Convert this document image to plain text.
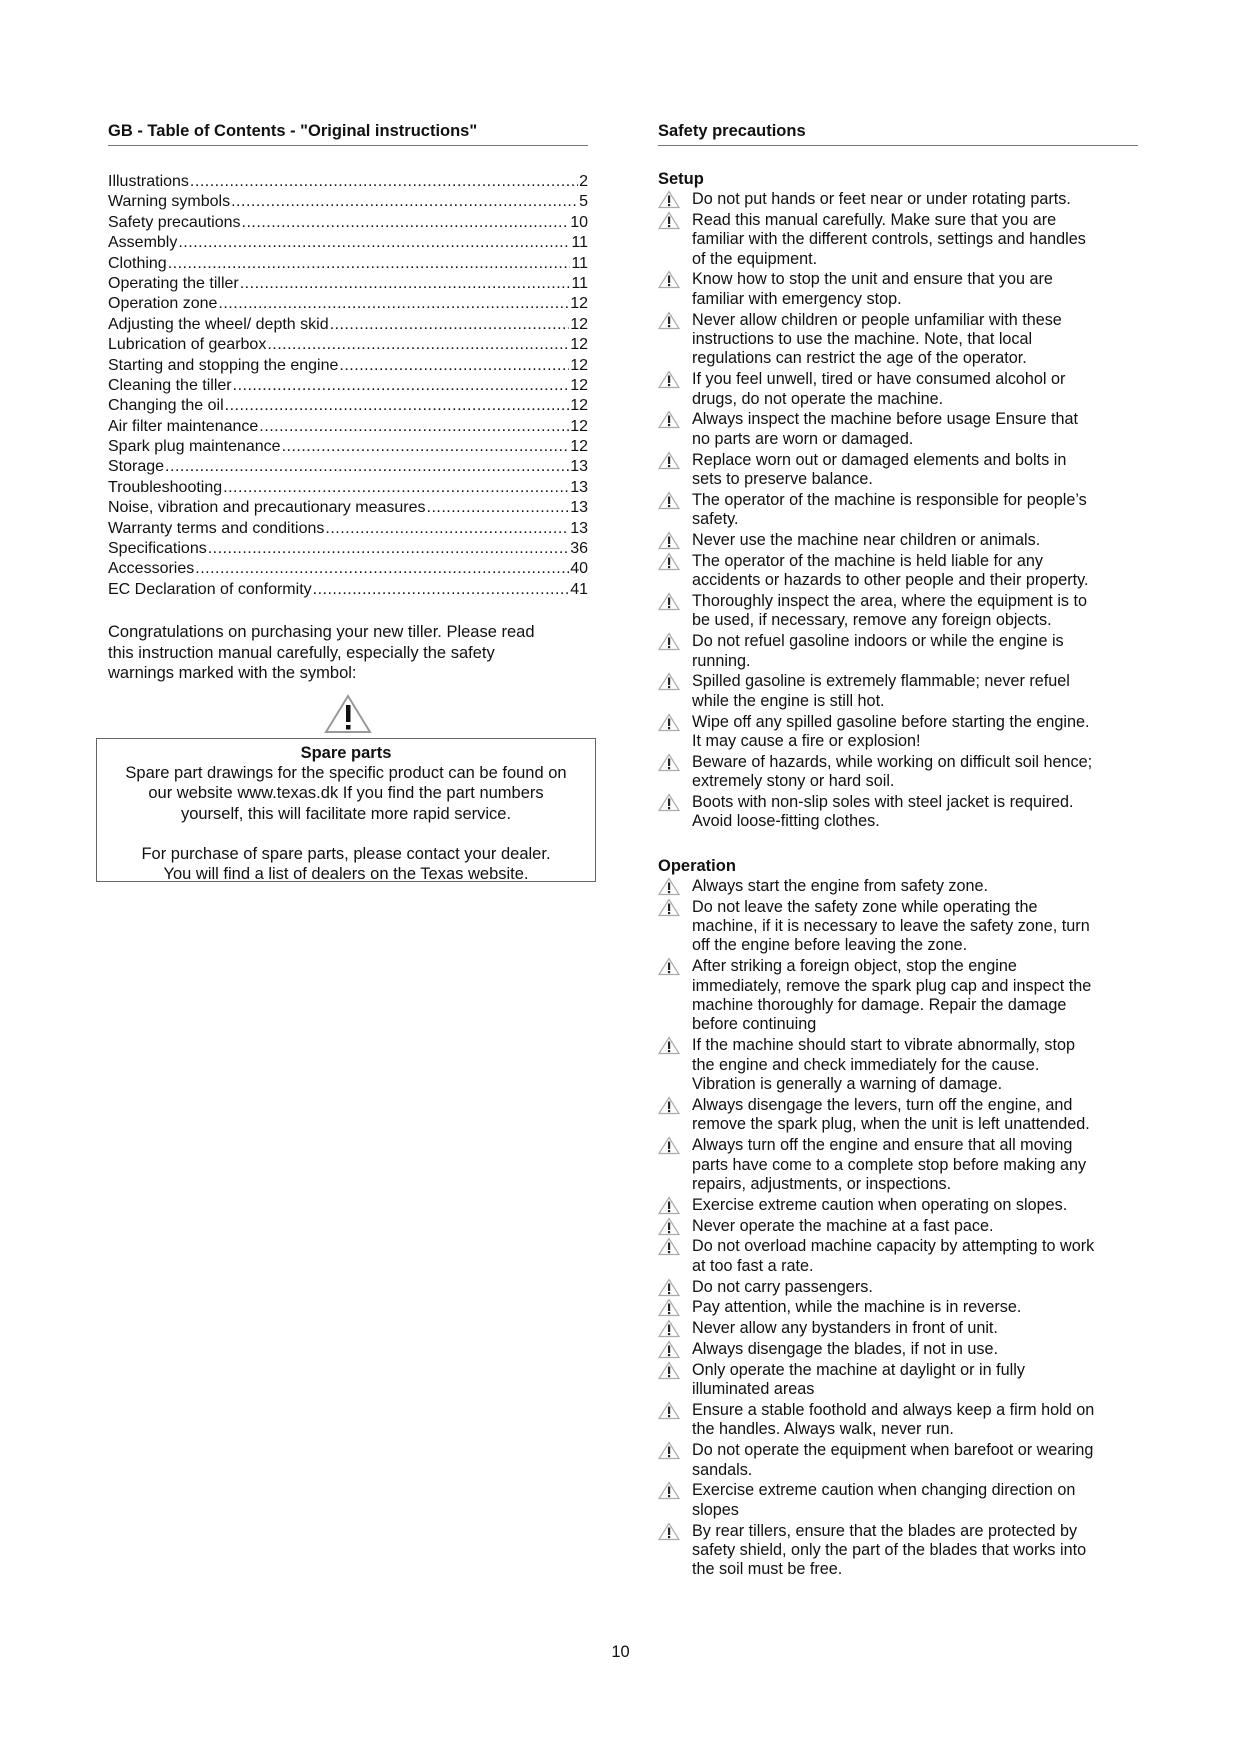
GB - Table of Contents - "Original instructions"
Illustrations .....	2
Warning symbols .....	5
Safety precautions .....	10
Assembly .....	11
Clothing .....	11
Operating the tiller .....	11
Operation zone .....	12
Adjusting the wheel/ depth skid .....	12
Lubrication of gearbox .....	12
Starting and stopping the engine .....	12
Cleaning the tiller .....	12
Changing the oil .....	12
Air filter maintenance .....	12
Spark plug maintenance .....	12
Storage .....	13
Troubleshooting .....	13
Noise, vibration and precautionary measures .....	13
Warranty terms and conditions .....	13
Specifications .....	36
Accessories .....	40
EC Declaration of conformity .....	41
Congratulations on purchasing your new tiller. Please read
this instruction manual carefully, especially the safety
warnings marked with the symbol:
Spare parts
Spare part drawings for the specific product can be found on
our website www.texas.dk If you find the part numbers
yourself, this will facilitate more rapid service.
For purchase of spare parts, please contact your dealer.
You will find a list of dealers on the Texas website.
Safety precautions
Setup
Do not put hands or feet near or under rotating parts.
Read this manual carefully. Make sure that you are
familiar with the different controls, settings and handles
of the equipment.
Know how to stop the unit and ensure that you are
familiar with emergency stop.
Never allow children or people unfamiliar with these
instructions to use the machine. Note, that local
regulations can restrict the age of the operator.
If you feel unwell, tired or have consumed alcohol or
drugs, do not operate the machine.
Always inspect the machine before usage Ensure that
no parts are worn or damaged.
Replace worn out or damaged elements and bolts in
sets to preserve balance.
The operator of the machine is responsible for people’s
safety.
Never use the machine near children or animals.
The operator of the machine is held liable for any
accidents or hazards to other people and their property.
Thoroughly inspect the area, where the equipment is to
be used, if necessary, remove any foreign objects.
Do not refuel gasoline indoors or while the engine is
running.
Spilled gasoline is extremely flammable; never refuel
while the engine is still hot.
Wipe off any spilled gasoline before starting the engine.
It may cause a fire or explosion!
Beware of hazards, while working on difficult soil hence;
extremely stony or hard soil.
Boots with non-slip soles with steel jacket is required.
Avoid loose-fitting clothes.
Operation
Always start the engine from safety zone.
Do not leave the safety zone while operating the
machine, if it is necessary to leave the safety zone, turn
off the engine before leaving the zone.
After striking a foreign object, stop the engine
immediately, remove the spark plug cap and inspect the
machine thoroughly for damage. Repair the damage
before continuing
If the machine should start to vibrate abnormally, stop
the engine and check immediately for the cause.
Vibration is generally a warning of damage.
Always disengage the levers, turn off the engine, and
remove the spark plug, when the unit is left unattended.
Always turn off the engine and ensure that all moving
parts have come to a complete stop before making any
repairs, adjustments, or inspections.
Exercise extreme caution when operating on slopes.
Never operate the machine at a fast pace.
Do not overload machine capacity by attempting to work
at too fast a rate.
Do not carry passengers.
Pay attention, while the machine is in reverse.
Never allow any bystanders in front of unit.
Always disengage the blades, if not in use.
Only operate the machine at daylight or in fully
illuminated areas
Ensure a stable foothold and always keep a firm hold on
the handles. Always walk, never run.
Do not operate the equipment when barefoot or wearing
sandals.
Exercise extreme caution when changing direction on
slopes
By rear tillers, ensure that the blades are protected by
safety shield, only the part of the blades that works into
the soil must be free.
10
